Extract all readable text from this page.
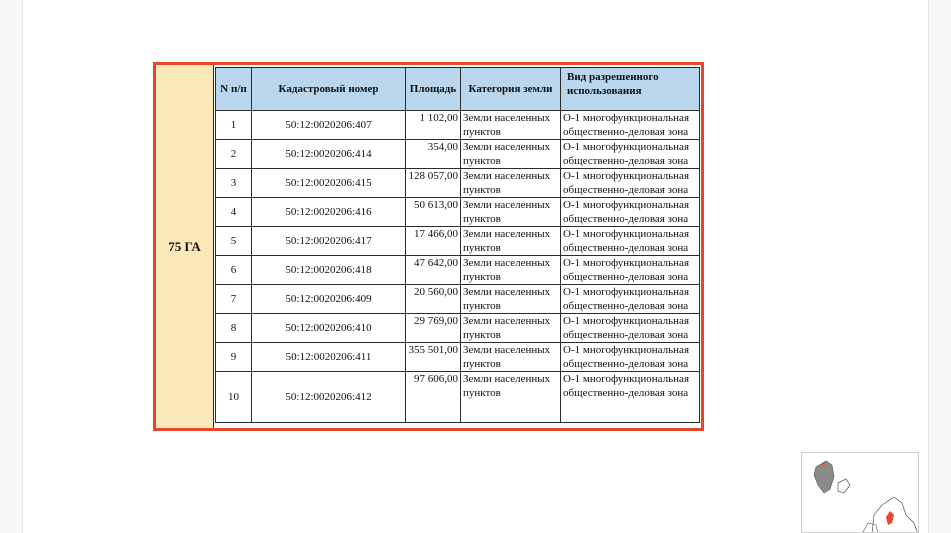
75 ГА
N п/п	Кадастровый номер	Площадь	Категория земли	Вид разрешенного использования
1	50:12:0020206:407	1 102,00	Земли населенных пунктов	О-1 многофункциональная общественно-деловая зона
2	50:12:0020206:414	354,00	Земли населенных пунктов	О-1 многофункциональная общественно-деловая зона
3	50:12:0020206:415	128 057,00	Земли населенных пунктов	О-1 многофункциональная общественно-деловая зона
4	50:12:0020206:416	50 613,00	Земли населенных пунктов	О-1 многофункциональная общественно-деловая зона
5	50:12:0020206:417	17 466,00	Земли населенных пунктов	О-1 многофункциональная общественно-деловая зона
6	50:12:0020206:418	47 642,00	Земли населенных пунктов	О-1 многофункциональная общественно-деловая зона
7	50:12:0020206:409	20 560,00	Земли населенных пунктов	О-1 многофункциональная общественно-деловая зона
8	50:12:0020206:410	29 769,00	Земли населенных пунктов	О-1 многофункциональная общественно-деловая зона
9	50:12:0020206:411	355 501,00	Земли населенных пунктов	О-1 многофункциональная общественно-деловая зона
10	50:12:0020206:412	97 606,00	Земли населенных пунктов	О-1 многофункциональная общественно-деловая зона
